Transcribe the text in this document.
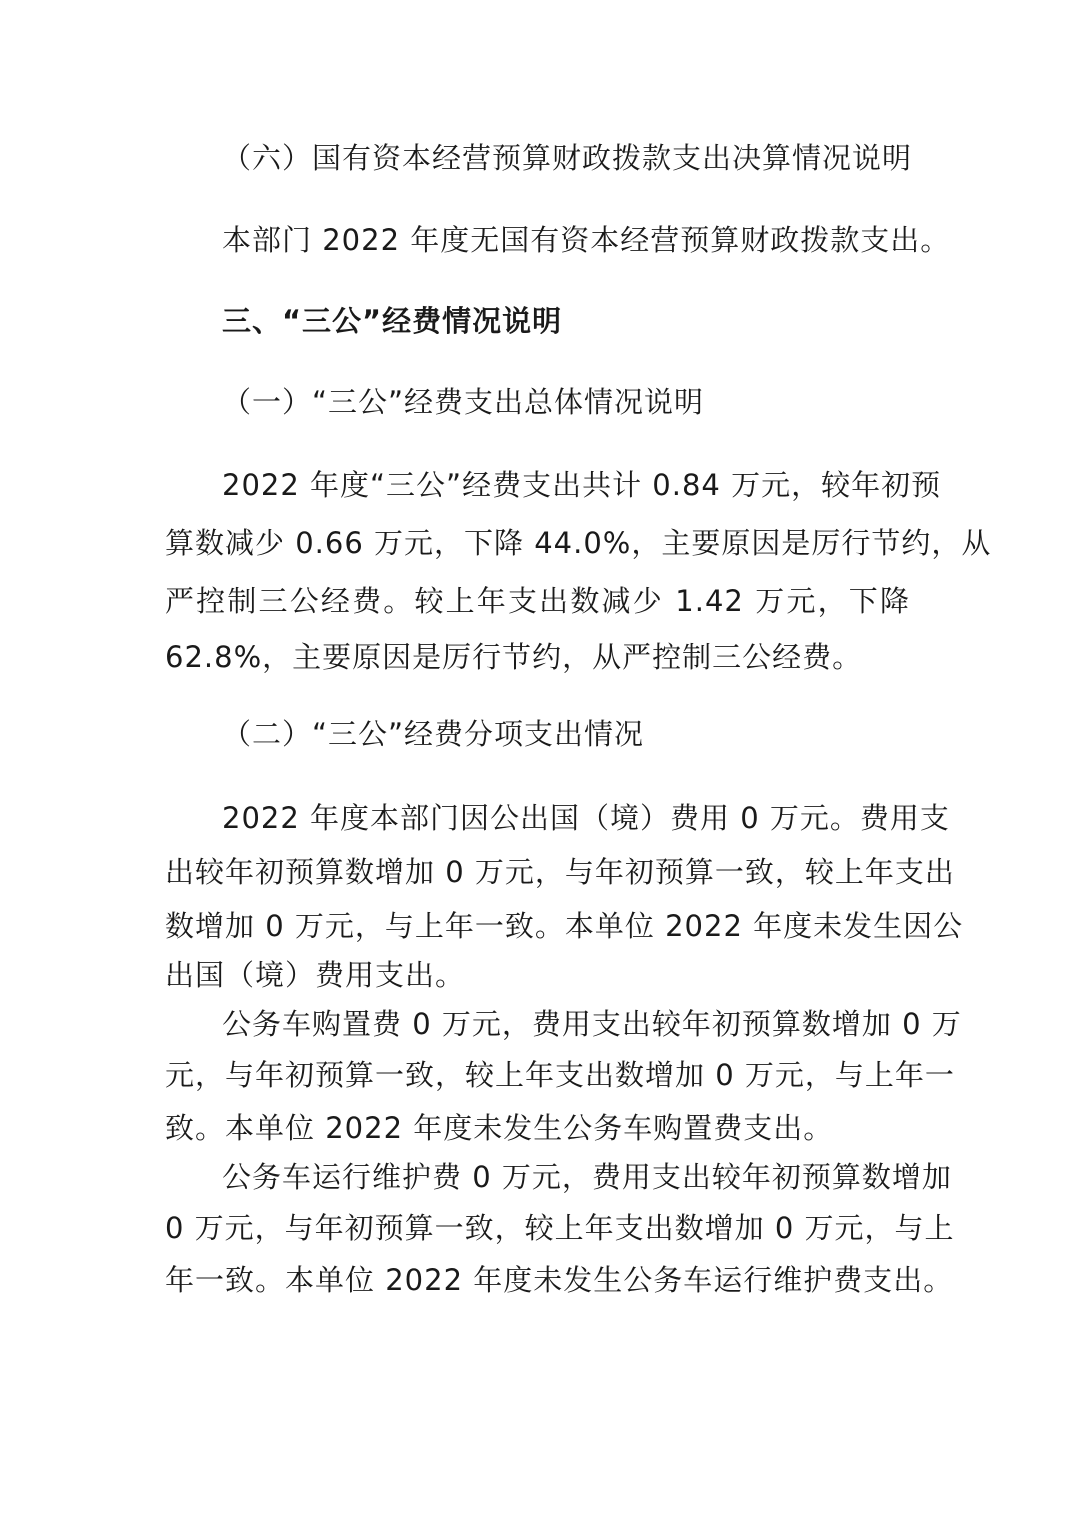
（六）国有资本经营预算财政拨款支出决算情况说明
本部门 2022 年度无国有资本经营预算财政拨款支出。
三、“三公”经费情况说明
（一）“三公”经费支出总体情况说明
2022 年度“三公”经费支出共计 0.84 万元，较年初预
算数减少 0.66 万元，下降 44.0%，主要原因是厉行节约，从
严控制三公经费。较上年支出数减少 1.42 万元，下降
62.8%，主要原因是厉行节约，从严控制三公经费。
（二）“三公”经费分项支出情况
2022 年度本部门因公出国（境）费用 0 万元。费用支
出较年初预算数增加 0 万元，与年初预算一致，较上年支出
数增加 0 万元，与上年一致。本单位 2022 年度未发生因公
出国（境）费用支出。
公务车购置费 0 万元，费用支出较年初预算数增加 0 万
元，与年初预算一致，较上年支出数增加 0 万元，与上年一
致。本单位 2022 年度未发生公务车购置费支出。
公务车运行维护费 0 万元，费用支出较年初预算数增加
0 万元，与年初预算一致，较上年支出数增加 0 万元，与上
年一致。本单位 2022 年度未发生公务车运行维护费支出。
